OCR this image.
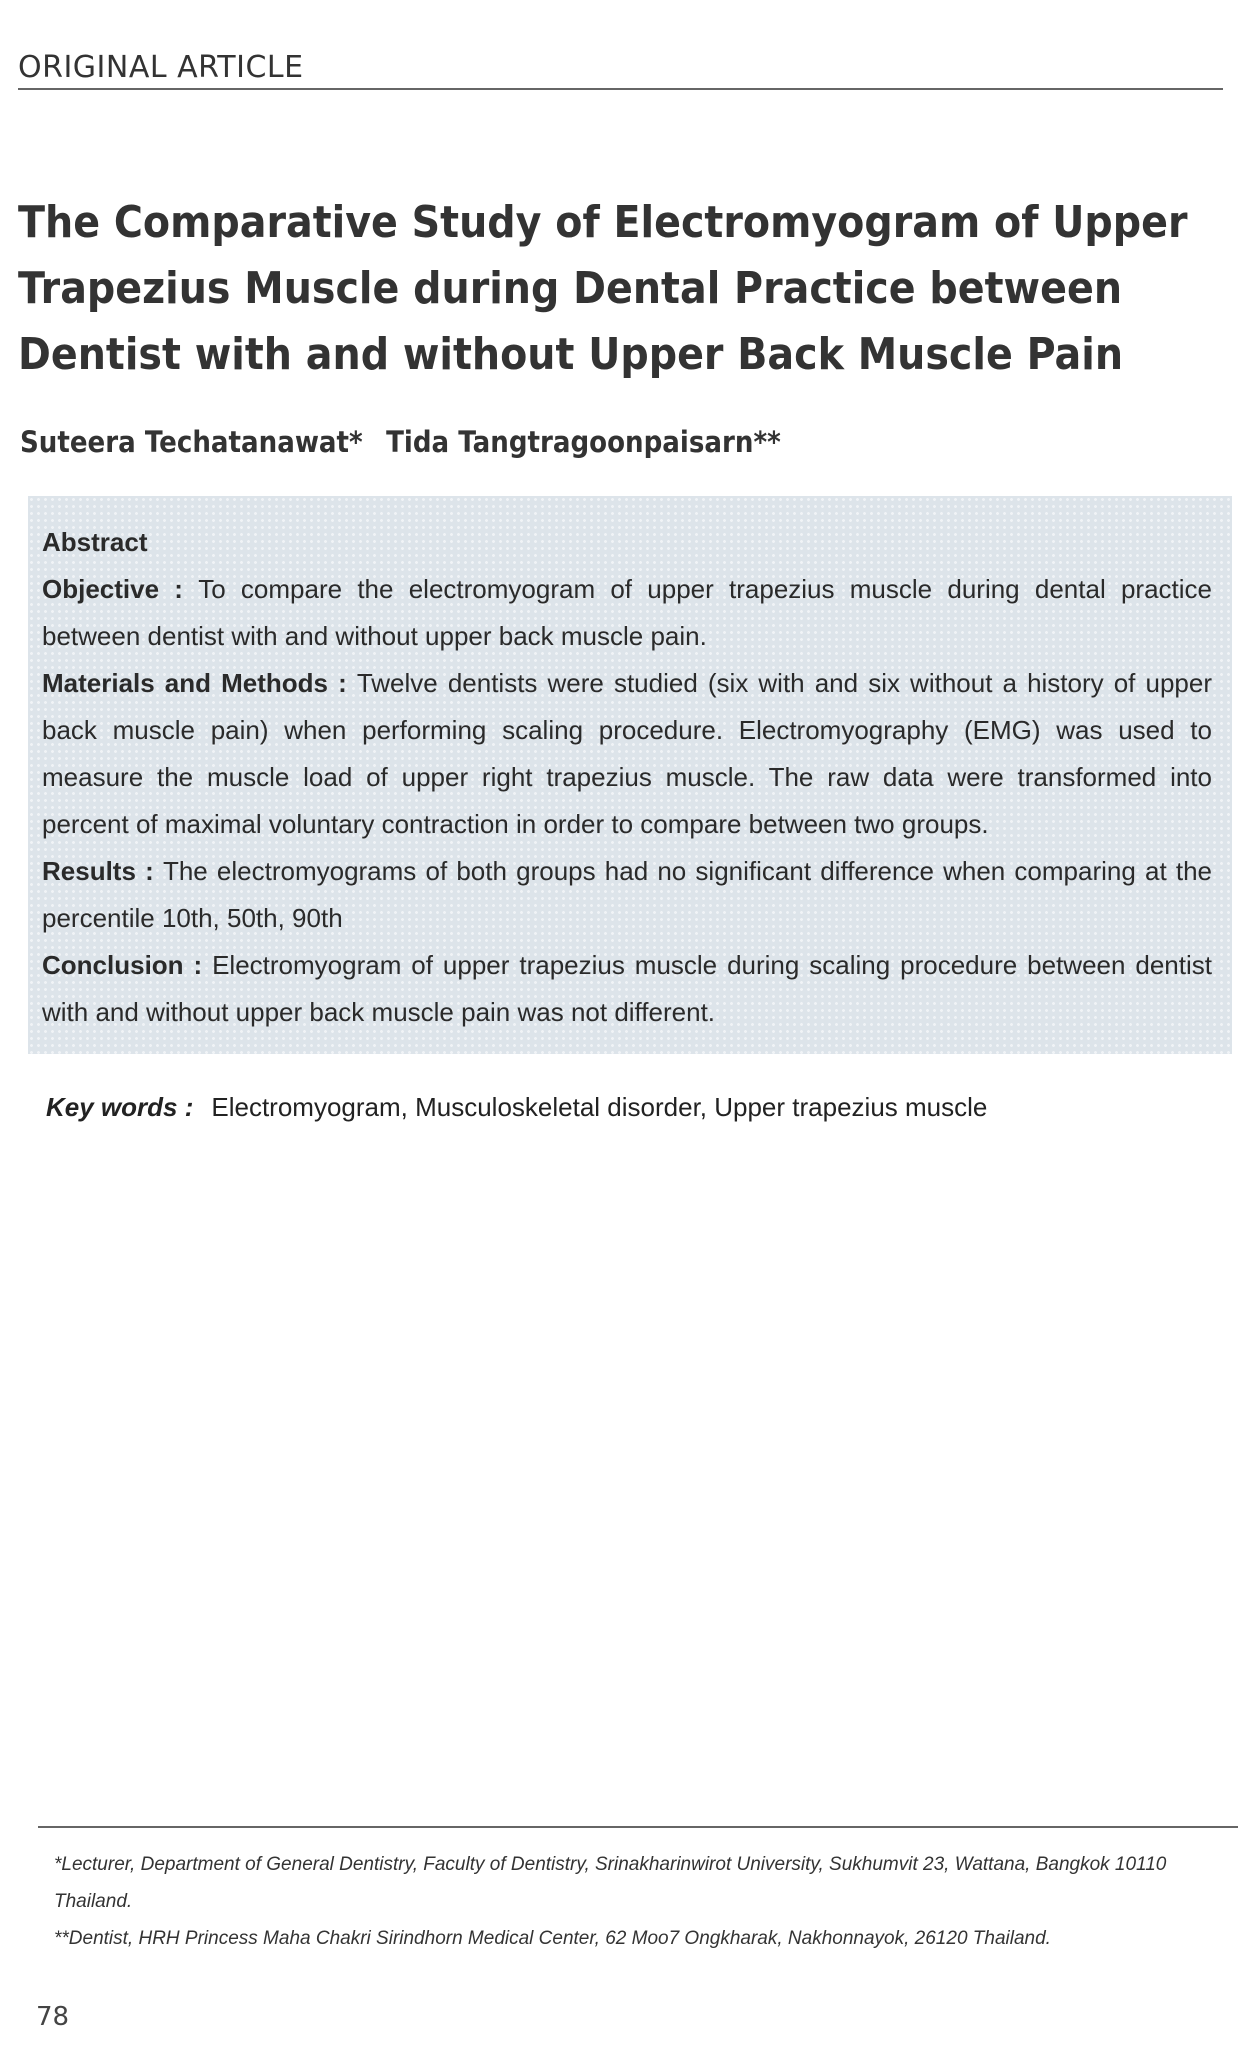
ORIGINAL ARTICLE
The Comparative Study of Electromyogram of Upper
Trapezius Muscle during Dental Practice between
Dentist with and without Upper Back Muscle Pain
Suteera Techatanawat* Tida Tangtragoonpaisarn**

Abstract

Objective : To compare the electromyogram of upper trapezius muscle during dental practice between dentist with and without upper back muscle pain.

Materials and Methods : Twelve dentists were studied (six with and six without a history of upper back muscle pain) when performing scaling procedure. Electromyography (EMG) was used to measure the muscle load of upper right trapezius muscle. The raw data were transformed into percent of maximal voluntary contraction in order to compare between two groups.

Results : The electromyograms of both groups had no significant difference when comparing at the percentile 10th, 50th, 90th

Conclusion : Electromyogram of upper trapezius muscle during scaling procedure between dentist with and without upper back muscle pain was not different.

Key words : Electromyogram, Musculoskeletal disorder, Upper trapezius muscle

*Lecturer, Department of General Dentistry, Faculty of Dentistry, Srinakharinwirot University, Sukhumvit 23, Wattana, Bangkok 10110 Thailand.

**Dentist, HRH Princess Maha Chakri Sirindhorn Medical Center, 62 Moo7 Ongkharak, Nakhonnayok, 26120 Thailand.

78
